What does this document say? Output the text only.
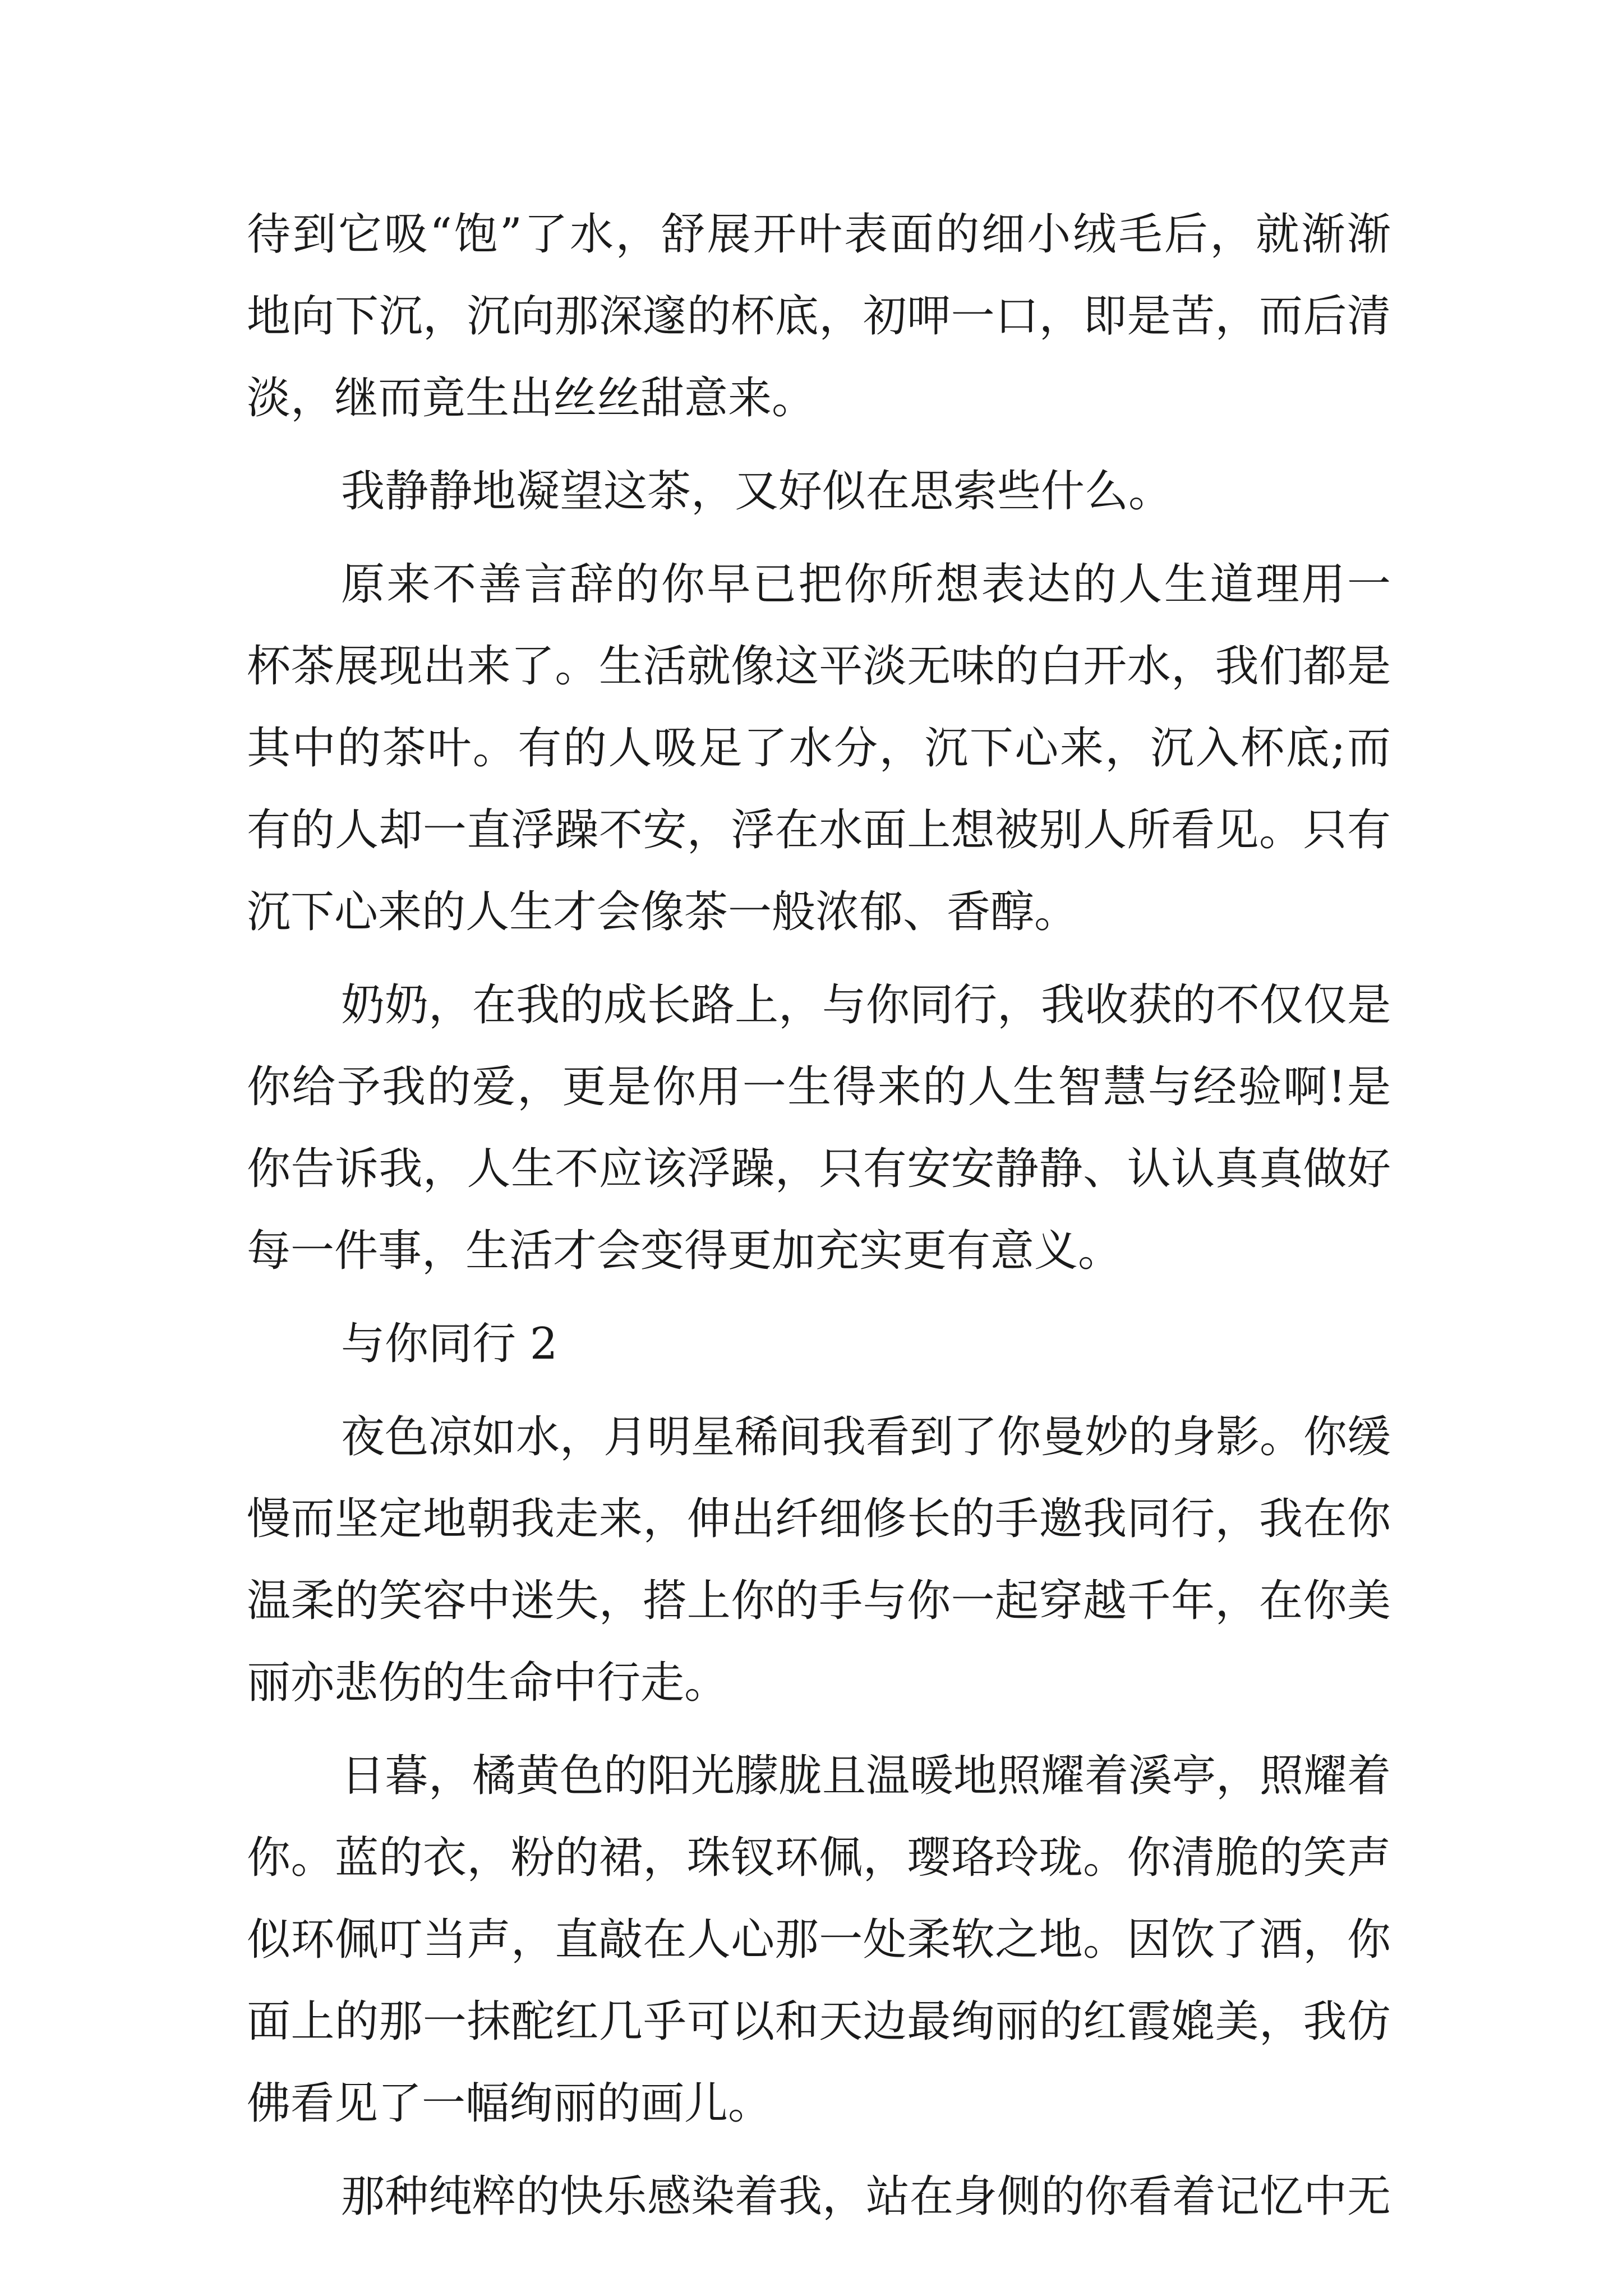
待到它吸“饱”了水，舒展开叶表面的细小绒毛后，就渐渐
地向下沉，沉向那深邃的杯底，初呷一口，即是苦，而后清
淡，继而竟生出丝丝甜意来。
我静静地凝望这茶，又好似在思索些什么。
原来不善言辞的你早已把你所想表达的人生道理用一
杯茶展现出来了。生活就像这平淡无味的白开水，我们都是
其中的茶叶。有的人吸足了水分，沉下心来，沉入杯底;而
有的人却一直浮躁不安，浮在水面上想被别人所看见。只有
沉下心来的人生才会像茶一般浓郁、香醇。
奶奶，在我的成长路上，与你同行，我收获的不仅仅是
你给予我的爱，更是你用一生得来的人生智慧与经验啊!是
你告诉我，人生不应该浮躁，只有安安静静、认认真真做好
每一件事，生活才会变得更加充实更有意义。
与你同行 2
夜色凉如水，月明星稀间我看到了你曼妙的身影。你缓
慢而坚定地朝我走来，伸出纤细修长的手邀我同行，我在你
温柔的笑容中迷失，搭上你的手与你一起穿越千年，在你美
丽亦悲伤的生命中行走。
日暮，橘黄色的阳光朦胧且温暖地照耀着溪亭，照耀着
你。蓝的衣，粉的裙，珠钗环佩，璎珞玲珑。你清脆的笑声
似环佩叮当声，直敲在人心那一处柔软之地。因饮了酒，你
面上的那一抹酡红几乎可以和天边最绚丽的红霞媲美，我仿
佛看见了一幅绚丽的画儿。
那种纯粹的快乐感染着我，站在身侧的你看着记忆中无
